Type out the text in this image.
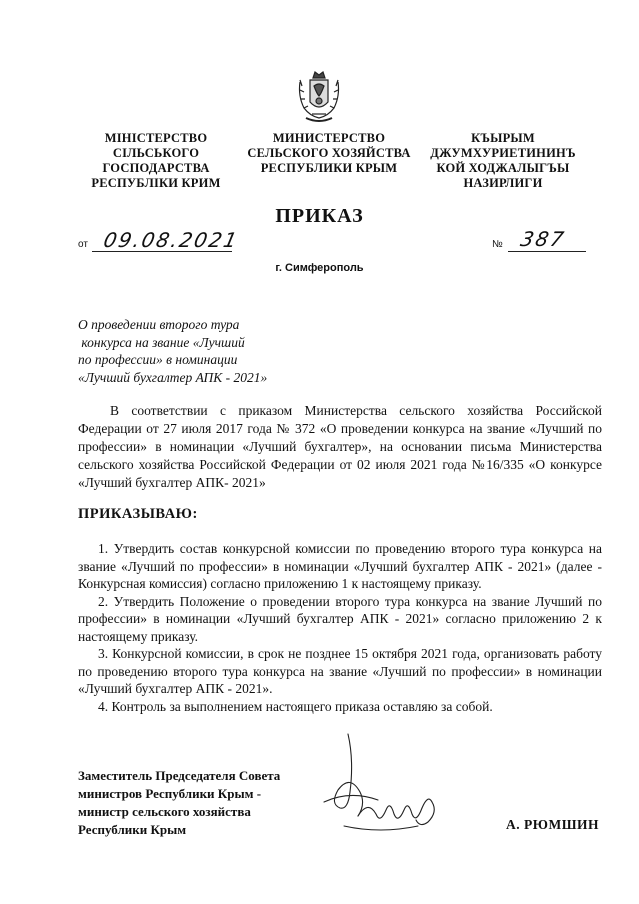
МІНІСТЕРСТВО
СІЛЬСЬКОГО
ГОСПОДАРСТВА
РЕСПУБЛІКИ КРИМ
МИНИСТЕРСТВО
СЕЛЬСКОГО ХОЗЯЙСТВА
РЕСПУБЛИКИ КРЫМ
КЪЫРЫМ
ДЖУМХУРИЕТИНИНЪ
КОЙ ХОДЖАЛЫГЪЫ
НАЗИРЛИГИ
ПРИКАЗ
от 09.08.2021	№ 387
г. Симферополь
О проведении второго тура
конкурса на звание «Лучший
по профессии» в номинации
«Лучший бухгалтер АПК - 2021»

В соответствии с приказом Министерства сельского хозяйства Российской Федерации от 27 июля 2017 года № 372 «О проведении конкурса на звание «Лучший по профессии» в номинации «Лучший бухгалтер», на основании письма Министерства сельского хозяйства Российской Федерации от 02 июля 2021 года №16/335 «О конкурсе «Лучший бухгалтер АПК- 2021»

ПРИКАЗЫВАЮ:

1. Утвердить состав конкурсной комиссии по проведению второго тура конкурса на звание «Лучший по профессии» в номинации «Лучший бухгалтер АПК - 2021» (далее - Конкурсная комиссия) согласно приложению 1 к настоящему приказу.

2. Утвердить Положение о проведении второго тура конкурса на звание Лучший по профессии» в номинации «Лучший бухгалтер АПК - 2021» согласно приложению 2 к настоящему приказу.

3. Конкурсной комиссии, в срок не позднее 15 октября 2021 года, организовать работу по проведению второго тура конкурса на звание «Лучший по профессии» в номинации «Лучший бухгалтер АПК - 2021».

4. Контроль за выполнением настоящего приказа оставляю за собой.

Заместитель Председателя Совета
министров Республики Крым -
министр сельского хозяйства
Республики Крым	А. РЮМШИН
